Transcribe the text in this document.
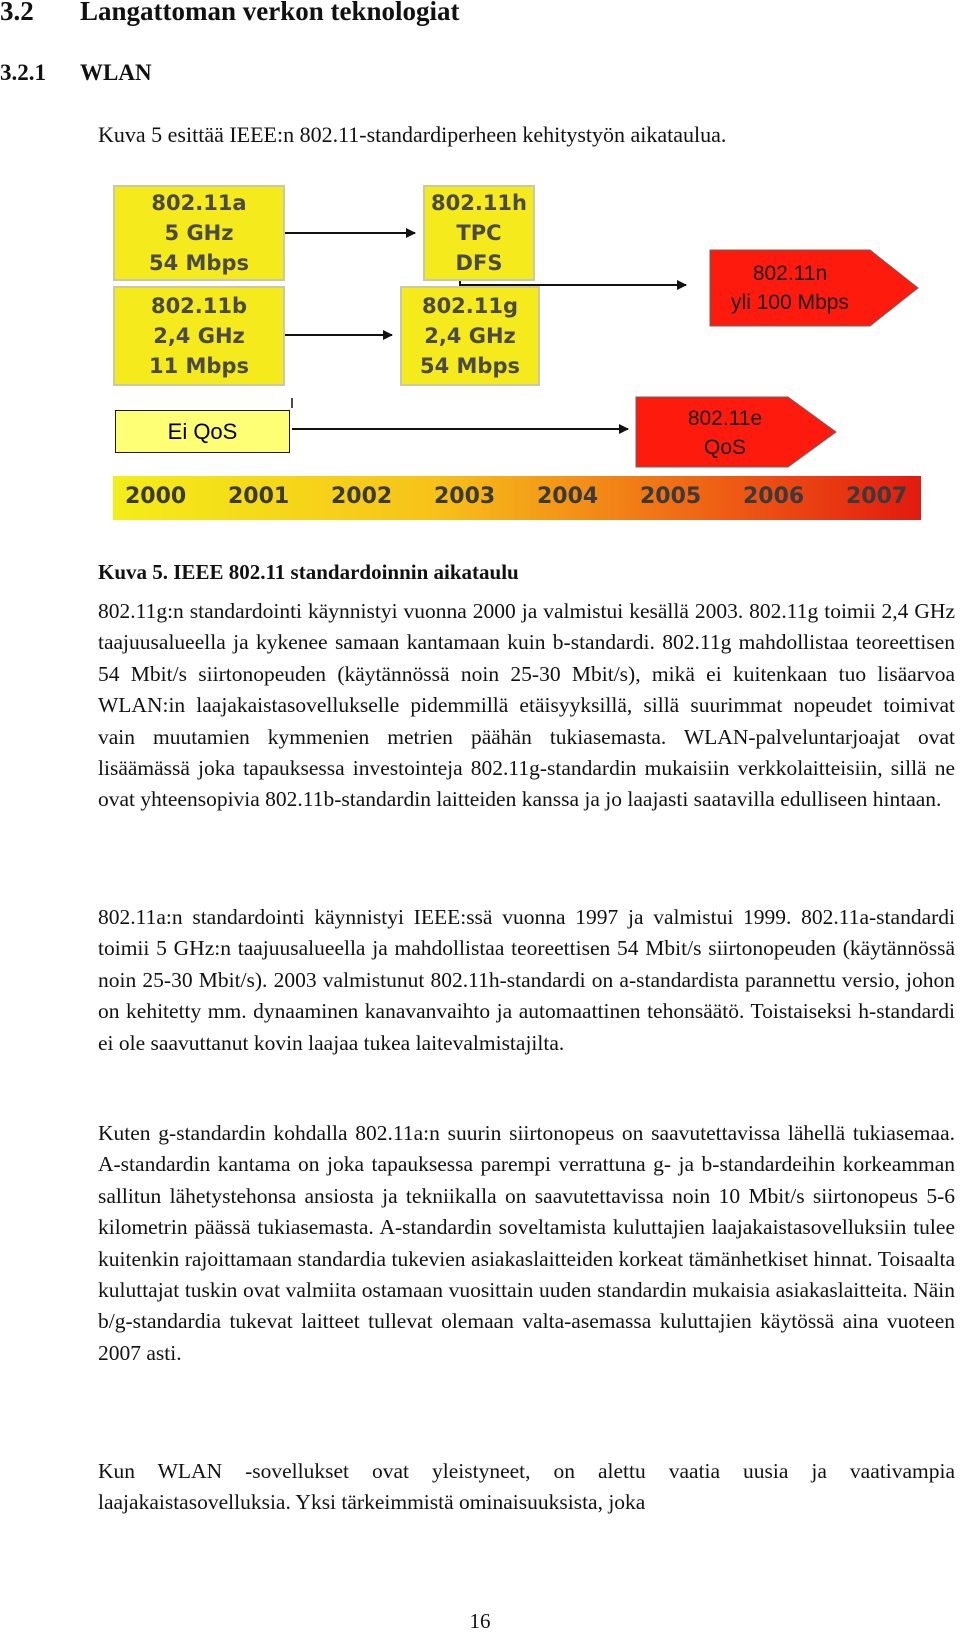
3.2 Langattoman verkon teknologiat
3.2.1 WLAN
Kuva 5 esittää IEEE:n 802.11-standardiperheen kehitystyön aikataulua.
802.11a
5 GHz
54 Mbps
802.11b
2,4 GHz
11 Mbps
802.11h
TPC
DFS
802.11g
2,4 GHz
54 Mbps
Ei QoS
802.11n
yli 100 Mbps
802.11e
QoS
2000 2001 2002 2003 2004 2005 2006 2007
Kuva 5. IEEE 802.11 standardoinnin aikataulu

802.11g:n standardointi käynnistyi vuonna 2000 ja valmistui kesällä 2003. 802.11g toimii 2,4 GHz taajuusalueella ja kykenee samaan kantamaan kuin b-standardi. 802.11g mahdollistaa teoreettisen 54 Mbit/s siirtonopeuden (käytännössä noin 25-30 Mbit/s), mikä ei kuitenkaan tuo lisäarvoa WLAN:in laajakaistasovellukselle pidemmillä etäisyyksillä, sillä suurimmat nopeudet toimivat vain muutamien kymmenien metrien päähän tukiasemasta. WLAN-palveluntarjoajat ovat lisäämässä joka tapauksessa investointeja 802.11g-standardin mukaisiin verkkolaitteisiin, sillä ne ovat yhteensopivia 802.11b-standardin laitteiden kanssa ja jo laajasti saatavilla edulliseen hintaan.

802.11a:n standardointi käynnistyi IEEE:ssä vuonna 1997 ja valmistui 1999. 802.11a-standardi toimii 5 GHz:n taajuusalueella ja mahdollistaa teoreettisen 54 Mbit/s siirtonopeuden (käytännössä noin 25-30 Mbit/s). 2003 valmistunut 802.11h-standardi on a-standardista parannettu versio, johon on kehitetty mm. dynaaminen kanavanvaihto ja automaattinen tehonsäätö. Toistaiseksi h-standardi ei ole saavuttanut kovin laajaa tukea laitevalmistajilta.

Kuten g-standardin kohdalla 802.11a:n suurin siirtonopeus on saavutettavissa lähellä tukiasemaa. A-standardin kantama on joka tapauksessa parempi verrattuna g- ja b-standardeihin korkeamman sallitun lähetystehonsa ansiosta ja tekniikalla on saavutettavissa noin 10 Mbit/s siirtonopeus 5-6 kilometrin päässä tukiasemasta. A-standardin soveltamista kuluttajien laajakaistasovelluksiin tulee kuitenkin rajoittamaan standardia tukevien asiakaslaitteiden korkeat tämänhetkiset hinnat. Toisaalta kuluttajat tuskin ovat valmiita ostamaan vuosittain uuden standardin mukaisia asiakaslaitteita. Näin b/g-standardia tukevat laitteet tullevat olemaan valta-asemassa kuluttajien käytössä aina vuoteen 2007 asti.

Kun WLAN -sovellukset ovat yleistyneet, on alettu vaatia uusia ja vaativampia laajakaistasovelluksia. Yksi tärkeimmistä ominaisuuksista, joka

16
